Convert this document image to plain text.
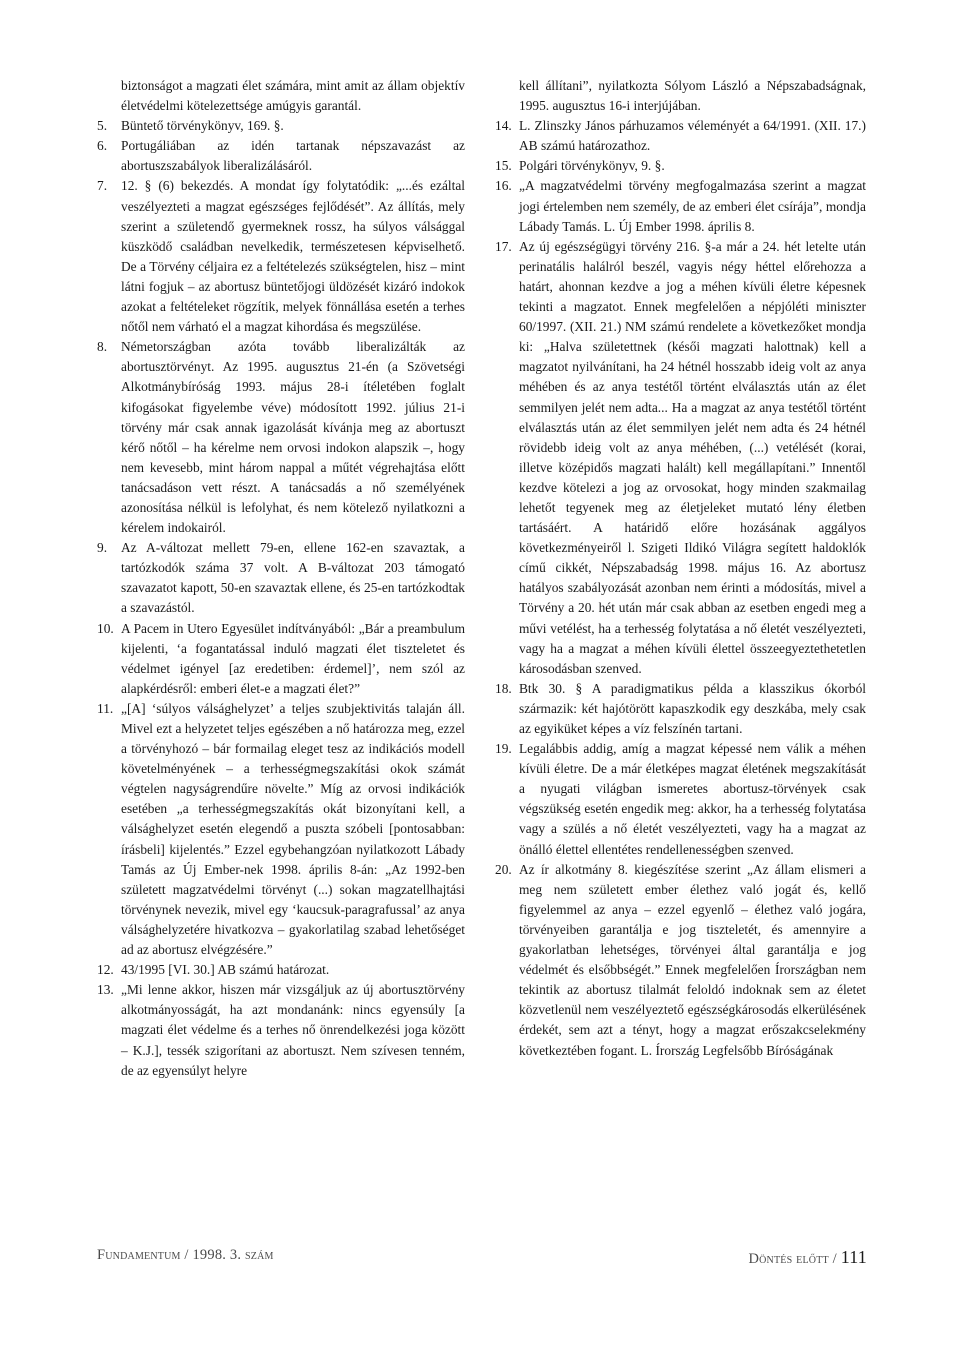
biztonságot a magzati élet számára, mint amit az állam objektív életvédelmi kötelezettsége amúgyis garantál.

5. Büntető törvénykönyv, 169. §.

6. Portugáliában az idén tartanak népszavazást az abortuszszabályok liberalizálásáról.

7. 12. § (6) bekezdés. A mondat így folytatódik: „...és ezáltal veszélyezteti a magzat egészséges fejlődését”. Az állítás, mely szerint a születendő gyermeknek rossz, ha súlyos válsággal küszködő családban nevelkedik, természetesen képviselhető. De a Törvény céljaira ez a feltételezés szükségtelen, hisz – mint látni fogjuk – az abortusz büntetőjogi üldözését kizáró indokok azokat a feltételeket rögzítik, melyek fönnállása esetén a terhes nőtől nem várható el a magzat kihordása és megszülése.

8. Németországban azóta tovább liberalizálták az abortusztörvényt. Az 1995. augusztus 21-én (a Szövetségi Alkotmánybíróság 1993. május 28-i ítéletében foglalt kifogásokat figyelembe véve) módosított 1992. július 21-i törvény már csak annak igazolását kívánja meg az abortuszt kérő nőtől – ha kérelme nem orvosi indokon alapszik –, hogy nem kevesebb, mint három nappal a műtét végrehajtása előtt tanácsadáson vett részt. A tanácsadás a nő személyének azonosítása nélkül is lefolyhat, és nem kötelező nyilatkozni a kérelem indokairól.

9. Az A-változat mellett 79-en, ellene 162-en szavaztak, a tartózkodók száma 37 volt. A B-változat 203 támogató szavazatot kapott, 50-en szavaztak ellene, és 25-en tartózkodtak a szavazástól.

10. A Pacem in Utero Egyesület indítványából: „Bár a preambulum kijelenti, ‘a fogantatással induló magzati élet tiszteletet és védelmet igényel [az eredetiben: érdemel]’, nem szól az alapkérdésről: emberi élet-e a magzati élet?”

11. „[A] ‘súlyos válsághelyzet’ a teljes szubjektivitás talaján áll. Mivel ezt a helyzetet teljes egészében a nő határozza meg, ezzel a törvényhozó – bár formailag eleget tesz az indikációs modell követelményének – a terhességmegszakítási okok számát végtelen nagyságrendűre növelte.” Míg az orvosi indikációk esetében „a terhességmegszakítás okát bizonyítani kell, a válsághelyzet esetén elegendő a puszta szóbeli [pontosabban: írásbeli] kijelentés.” Ezzel egybehangzóan nyilatkozott Lábady Tamás az Új Ember-nek 1998. április 8-án: „Az 1992-ben született magzatvédelmi törvényt (...) sokan magzatellhajtási törvénynek nevezik, mivel egy ‘kaucsuk-paragrafussal’ az anya válsághelyzetére hivatkozva – gyakorlatilag szabad lehetőséget ad az abortusz elvégzésére.”

12. 43/1995 [VI. 30.] AB számú határozat.

13. „Mi lenne akkor, hiszen már vizsgáljuk az új abortusztörvény alkotmányosságát, ha azt mondanánk: nincs egyensúly [a magzati élet védelme és a terhes nő önrendelkezési joga között – K.J.], tessék szigorítani az abortuszt. Nem szívesen tenném, de az egyensúlyt helyre

kell állítani”, nyilatkozta Sólyom László a Népszabadságnak, 1995. augusztus 16-i interjújában.

14. L. Zlinszky János párhuzamos véleményét a 64/1991. (XII. 17.) AB számú határozathoz.

15. Polgári törvénykönyv, 9. §.

16. „A magzatvédelmi törvény megfogalmazása szerint a magzat jogi értelemben nem személy, de az emberi élet csírája”, mondja Lábady Tamás. L. Új Ember 1998. április 8.

17. Az új egészségügyi törvény 216. §-a már a 24. hét letelte után perinatális halálról beszél, vagyis négy héttel előrehozza a határt, ahonnan kezdve a jog a méhen kívüli életre képesnek tekinti a magzatot. Ennek megfelelően a népjóléti miniszter 60/1997. (XII. 21.) NM számú rendelete a következőket mondja ki: „Halva születettnek (késői magzati halottnak) kell a magzatot nyilvánítani, ha 24 hétnél hosszabb ideig volt az anya méhében és az anya testétől történt elválasztás után az élet semmilyen jelét nem adta... Ha a magzat az anya testétől történt elválasztás után az élet semmilyen jelét nem adta és 24 hétnél rövidebb ideig volt az anya méhében, (...) vetélését (korai, illetve középidős magzati halált) kell megállapítani.” Innentől kezdve kötelezi a jog az orvosokat, hogy minden szakmailag lehetőt tegyenek meg az életjeleket mutató lény életben tartásáért. A határidő előre hozásának aggályos következményeiről l. Szigeti Ildikó Világra segített haldoklók című cikkét, Népszabadság 1998. május 16. Az abortusz hatályos szabályozását azonban nem érinti a módosítás, mivel a Törvény a 20. hét után már csak abban az esetben engedi meg a művi vetélést, ha a terhesség folytatása a nő életét veszélyezteti, vagy ha a magzat a méhen kívüli élettel összeegyeztethetetlen károsodásban szenved.

18. Btk 30. § A paradigmatikus példa a klasszikus ókorból származik: két hajótörött kapaszkodik egy deszkába, mely csak az egyiküket képes a víz felszínén tartani.

19. Legalábbis addig, amíg a magzat képessé nem válik a méhen kívüli életre. De a már életképes magzat életének megszakítását a nyugati világban ismeretes abortusz-törvények csak végszükség esetén engedik meg: akkor, ha a terhesség folytatása vagy a szülés a nő életét veszélyezteti, vagy ha a magzat az önálló élettel ellentétes rendellenességben szenved.

20. Az ír alkotmány 8. kiegészítése szerint „Az állam elismeri a meg nem született ember élethez való jogát és, kellő figyelemmel az anya – ezzel egyenlő – élethez való jogára, törvényeiben garantálja e jog tiszteletét, és amennyire a gyakorlatban lehetséges, törvényei által garantálja e jog védelmét és elsőbbségét.” Ennek megfelelően Írországban nem tekintik az abortusz tilalmát feloldó indoknak sem az életet közvetlenül nem veszélyeztető egészségkárosodás elkerülésének érdekét, sem azt a tényt, hogy a magzat erőszakcselekmény következtében fogant. L. Írország Legfelsőbb Bíróságának

Fundamentum / 1998. 3. szám	Döntés előtt / 111
